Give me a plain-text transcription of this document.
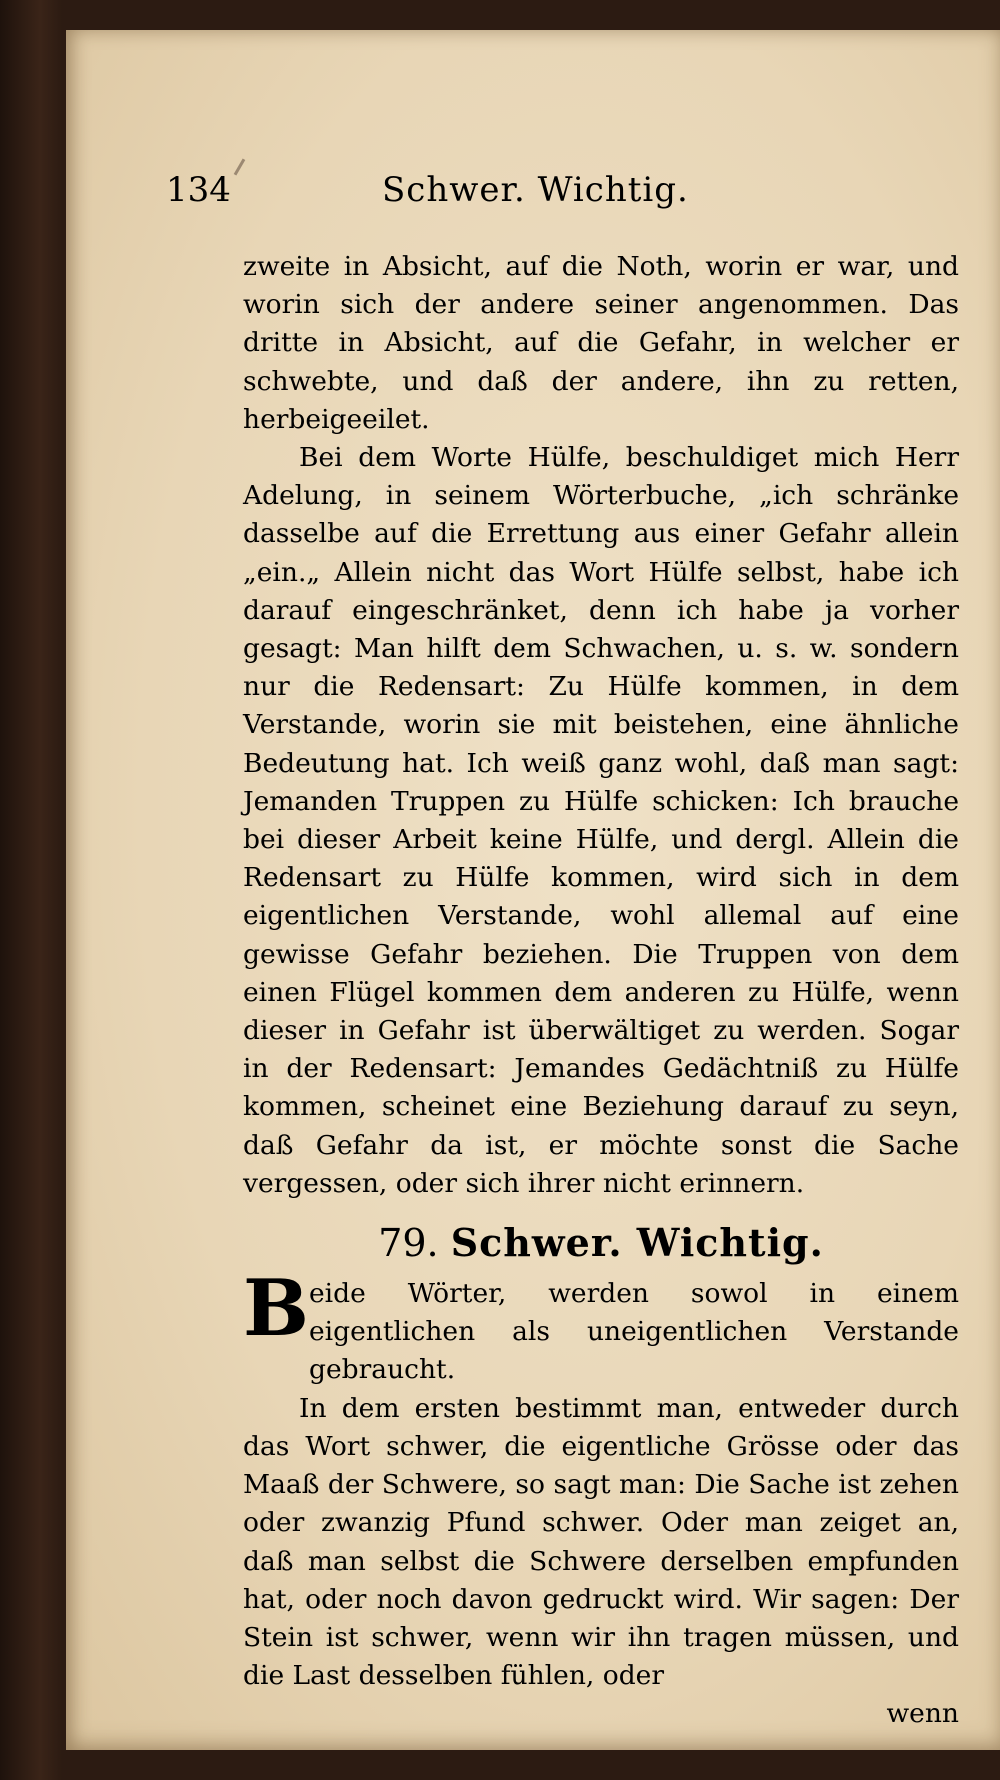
134	Schwer. Wichtig.

zweite in Absicht, auf die Noth, worin er war, und worin sich der andere seiner angenommen. Das dritte in Absicht, auf die Gefahr, in welcher er schwebte, und daß der andere, ihn zu retten, herbeigeeilet.

Bei dem Worte Hülfe, beschuldiget mich Herr Adelung, in seinem Wörterbuche, „ich schränke dasselbe auf die Errettung aus einer Gefahr allein „ein.„ Allein nicht das Wort Hülfe selbst, habe ich darauf eingeschränket, denn ich habe ja vorher gesagt: Man hilft dem Schwachen, u. s. w. sondern nur die Redensart: Zu Hülfe kommen, in dem Verstande, worin sie mit beistehen, eine ähnliche Bedeutung hat. Ich weiß ganz wohl, daß man sagt: Jemanden Truppen zu Hülfe schicken: Ich brauche bei dieser Arbeit keine Hülfe, und dergl. Allein die Redensart zu Hülfe kommen, wird sich in dem eigentlichen Verstande, wohl allemal auf eine gewisse Gefahr beziehen. Die Truppen von dem einen Flügel kommen dem anderen zu Hülfe, wenn dieser in Gefahr ist überwältiget zu werden. Sogar in der Redensart: Jemandes Gedächtniß zu Hülfe kommen, scheinet eine Beziehung darauf zu seyn, daß Gefahr da ist, er möchte sonst die Sache vergessen, oder sich ihrer nicht erinnern.

79. Schwer. Wichtig.

B eide Wörter, werden sowol in einem eigentlichen als uneigentlichen Verstande gebraucht.

In dem ersten bestimmt man, entweder durch das Wort schwer, die eigentliche Grösse oder das Maaß der Schwere, so sagt man: Die Sache ist zehen oder zwanzig Pfund schwer. Oder man zeiget an, daß man selbst die Schwere derselben empfunden hat, oder noch davon gedruckt wird. Wir sagen: Der Stein ist schwer, wenn wir ihn tragen müssen, und die Last desselben fühlen, oder

wenn
